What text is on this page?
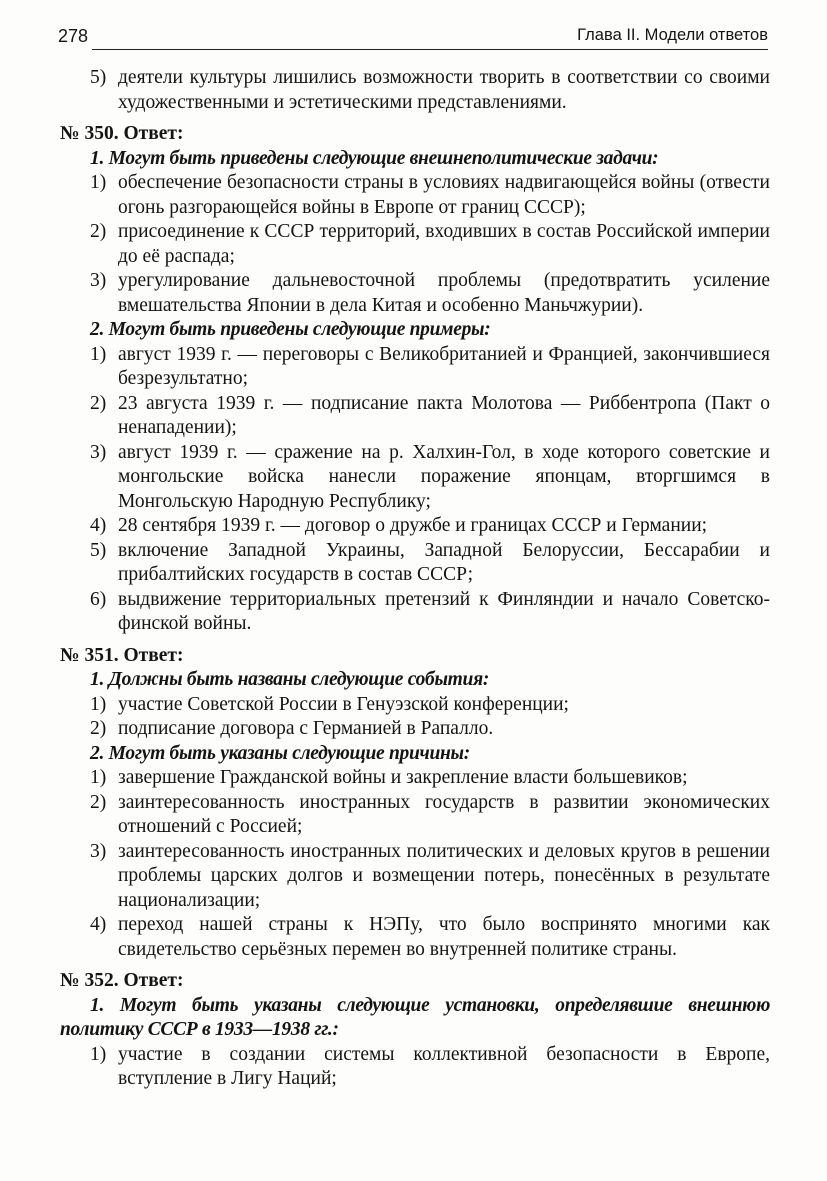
278	Глава II. Модели ответов
5) деятели культуры лишились возможности творить в соответствии со своими художественными и эстетическими представлениями.
№ 350. Ответ:
1. Могут быть приведены следующие внешнеполитические задачи:
1) обеспечение безопасности страны в условиях надвигающейся войны (отвести огонь разгорающейся войны в Европе от границ СССР);
2) присоединение к СССР территорий, входивших в состав Российской империи до её распада;
3) урегулирование дальневосточной проблемы (предотвратить усиление вмешательства Японии в дела Китая и особенно Маньчжурии).
2. Могут быть приведены следующие примеры:
1) август 1939 г. — переговоры с Великобританией и Францией, закончившиеся безрезультатно;
2) 23 августа 1939 г. — подписание пакта Молотова — Риббентропа (Пакт о ненападении);
3) август 1939 г. — сражение на р. Халхин-Гол, в ходе которого советские и монгольские войска нанесли поражение японцам, вторгшимся в Монгольскую Народную Республику;
4) 28 сентября 1939 г. — договор о дружбе и границах СССР и Германии;
5) включение Западной Украины, Западной Белоруссии, Бессарабии и прибалтийских государств в состав СССР;
6) выдвижение территориальных претензий к Финляндии и начало Советско-финской войны.
№ 351. Ответ:
1. Должны быть названы следующие события:
1) участие Советской России в Генуэзской конференции;
2) подписание договора с Германией в Рапалло.
2. Могут быть указаны следующие причины:
1) завершение Гражданской войны и закрепление власти большевиков;
2) заинтересованность иностранных государств в развитии экономических отношений с Россией;
3) заинтересованность иностранных политических и деловых кругов в решении проблемы царских долгов и возмещении потерь, понесённых в результате национализации;
4) переход нашей страны к НЭПу, что было воспринято многими как свидетельство серьёзных перемен во внутренней политике страны.
№ 352. Ответ:
1. Могут быть указаны следующие установки, определявшие внешнюю политику СССР в 1933—1938 гг.:
1) участие в создании системы коллективной безопасности в Европе, вступление в Лигу Наций;
